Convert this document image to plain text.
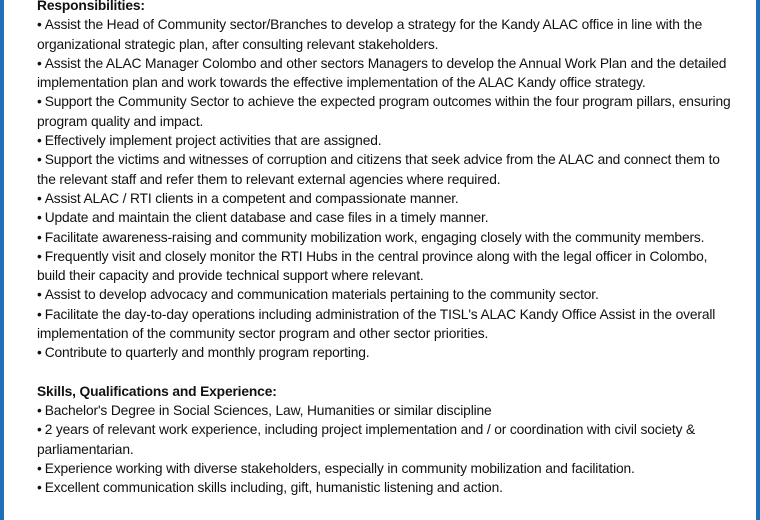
Responsibilities:
• Assist the Head of Community sector/Branches to develop a strategy for the Kandy ALAC office in line with the organizational strategic plan, after consulting relevant stakeholders.
• Assist the ALAC Manager Colombo and other sectors Managers to develop the Annual Work Plan and the detailed implementation plan and work towards the effective implementation of the ALAC Kandy office strategy.
• Support the Community Sector to achieve the expected program outcomes within the four program pillars, ensuring program quality and impact.
• Effectively implement project activities that are assigned.
• Support the victims and witnesses of corruption and citizens that seek advice from the ALAC and connect them to the relevant staff and refer them to relevant external agencies where required.
• Assist ALAC / RTI clients in a competent and compassionate manner.
• Update and maintain the client database and case files in a timely manner.
• Facilitate awareness-raising and community mobilization work, engaging closely with the community members.
• Frequently visit and closely monitor the RTI Hubs in the central province along with the legal officer in Colombo, build their capacity and provide technical support where relevant.
• Assist to develop advocacy and communication materials pertaining to the community sector.
• Facilitate the day-to-day operations including administration of the TISL's ALAC Kandy Office Assist in the overall implementation of the community sector program and other sector priorities.
• Contribute to quarterly and monthly program reporting.
Skills, Qualifications and Experience:
• Bachelor's Degree in Social Sciences, Law, Humanities or similar discipline
• 2 years of relevant work experience, including project implementation and / or coordination with civil society & parliamentarian.
• Experience working with diverse stakeholders, especially in community mobilization and facilitation.
• Excellent communication skills including, gift, humanistic listening and action.
